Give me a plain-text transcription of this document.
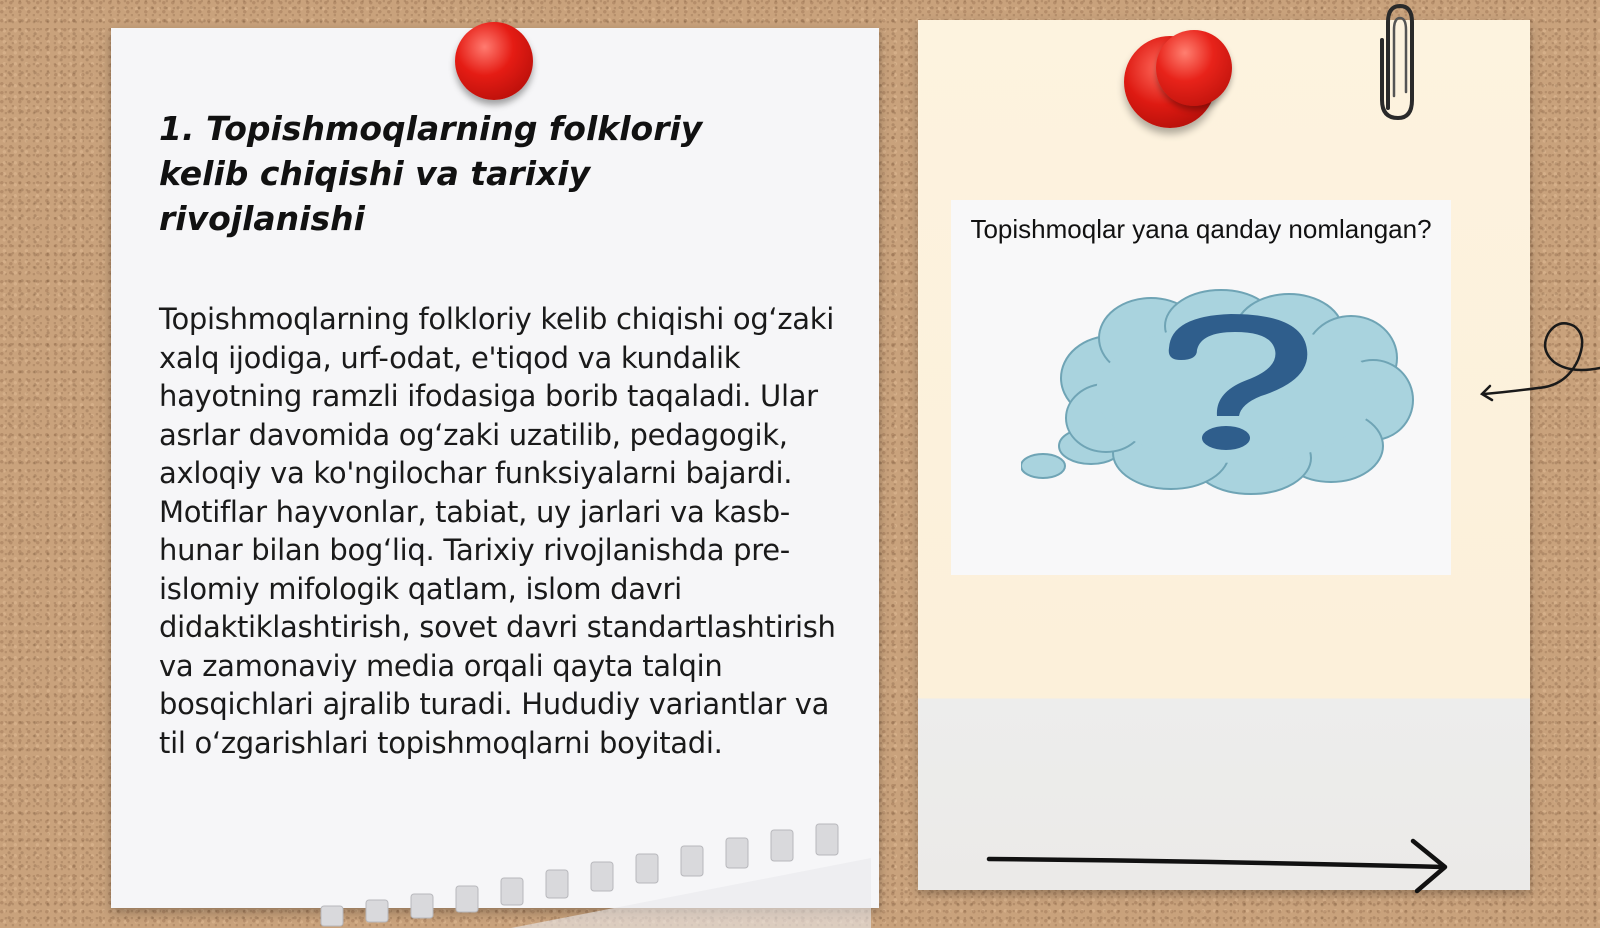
1. Topishmoqlarning folkloriy kelib chiqishi va tarixiy rivojlanishi

Topishmoqlarning folkloriy kelib chiqishi og‘zaki xalq ijodiga, urf-odat, e'tiqod va kundalik hayotning ramzli ifodasiga borib taqaladi. Ular asrlar davomida og‘zaki uzatilib, pedagogik, axloqiy va ko'ngilochar funksiyalarni bajardi. Motiflar hayvonlar, tabiat, uy jarlari va kasb-hunar bilan bog‘liq. Tarixiy rivojlanishda pre-islomiy mifologik qatlam, islom davri didaktiklashtirish, sovet davri standartlashtirish va zamonaviy media orqali qayta talqin bosqichlari ajralib turadi. Hududiy variantlar va til o‘zgarishlari topishmoqlarni boyitadi.

Topishmoqlar yana qanday nomlangan?
